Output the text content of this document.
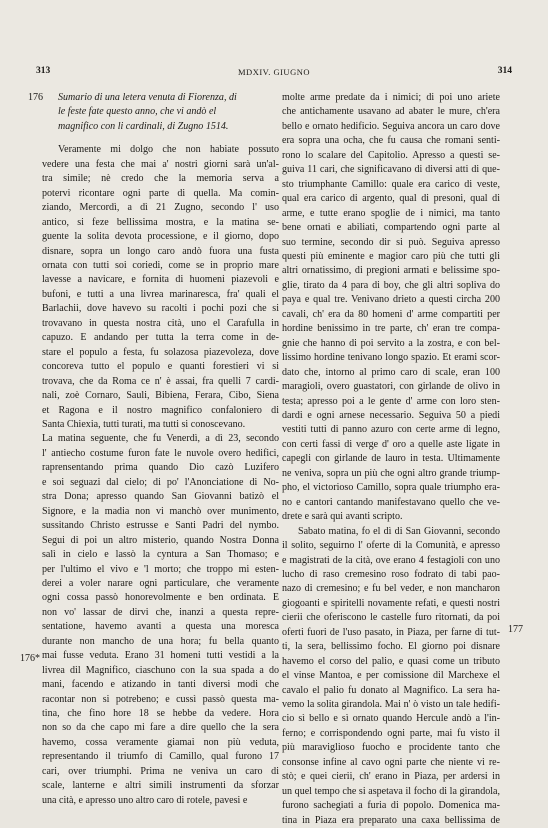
313	MDXIV. GIUGNO	314
176*
177
176 Sumario di una letera venuta di Fiorenza, di
le feste fate questo anno, che vi andò el
magnifico con li cardinali, di Zugno 1514.
Veramente mi dolgo che non habiate possuto
vedere una festa che mai a' nostri giorni sarà un'al-
tra simile; nè credo che la memoria serva a
potervi ricontare ogni parte di quella. Ma comin-
ziando, Mercordì, a dì 21 Zugno, secondo l' uso
antico, si feze bellissima mostra, e la matina se-
guente la solita devota processione, e il giorno, dopo
disnare, sopra un longo caro andò fuora una fusta
ornata con tutti soi coriedi, come se in proprio mare
lavesse a navicare, e fornita di huomeni piazevoli e
bufoni, e tutti a una livrea marinaresca, fra' quali el
Barlachii, dove havevo su racolti i pochi pozi che si
trovavano in questa nostra cità, uno el Carafulla in
capuzo. E andando per tutta la terra come in de-
stare el populo a festa, fu solazosa piazevoleza, dove
concoreva tutto el populo e quanti forestieri vi si
trovava, che da Roma ce n' è assai, fra quelli 7 cardi-
nali, zoè Cornaro, Sauli, Bibiena, Ferara, Cibo, Siena
et Ragona e il nostro magnifico confaloniero di
Santa Chiexia, tutti turati, ma tutti si conoscevano.
La matina seguente, che fu Venerdì, a dì 23, secondo
l' antiecho costume furon fate le nuvole overo hedifici,
raprensentando prima quando Dio cazò Luzifero
e soi seguazi dal cielo; di po' l'Anonciatione di No-
stra Dona; apresso quando San Giovanni batizò el
Signore, e la madia non vi manchò over munimento,
sussitando Christo estrusse e Santi Padri del nymbo.
Segui di poi un altro misterio, quando Nostra Donna
salì in cielo e lassò la cyntura a San Thomaso; e
per l'ultimo el vivo e 'l morto; che troppo mi esten-
derei a voler narare ogni particulare, che veramente
ogni cossa passò honorevolmente e ben ordinata. E
non vo' lassar de dirvi che, inanzi a questa repre-
sentatione, havemo avanti a questa una moresca
durante non mancho de una hora; fu bella quanto
mai fusse veduta. Erano 31 homeni tutti vestidi a la
livrea dil Magnifico, ciaschuno con la sua spada a do
mani, facendo e atizando in tanti diversi modi che
racontar non si potrebeno; e cussì passò questa ma-
tina, che fino hore 18 se hebbe da vedere. Hora
non so da che capo mi fare a dire quello che la sera
havemo, cossa veramente giamai non più veduta,
representando il triumfo di Camillo, qual furono 17
cari, over triumphi. Prima ne veniva un caro di
scale, lanterne e altri simili instrumenti da sforzar
una cità, e apresso uno altro caro di rotele, pavesi e
molte arme predate da i nimici; di poi uno ariete
che antichamente usavano ad abater le mure, ch'era
bello e ornato hedificio. Seguiva ancora un caro dove
era sopra una ocha, che fu causa che romani senti-
rono lo scalare del Capitolio. Apresso a questi se-
guiva 11 cari, che significavano di diversi atti di que-
sto triumphante Camillo: quale era carico di veste,
qual era carico di argento, qual di presoni, qual di
arme, e tutte erano spoglie de i nimici, ma tanto
bene ornati e abiliati, compartendo ogni parte al
suo termine, secondo dir si può. Seguiva apresso
questi più eminente e magior caro più che tutti gli
altri ornatissimo, di pregioni armati e belissime spo-
glie, tirato da 4 para di boy, che gli altri sopliva do
paya e qual tre. Venivano drieto a questi circha 200
cavali, ch' era da 80 homeni d' arme compartiti per
hordine benissimo in tre parte, ch' eran tre compa-
gnie che hanno di poi servito a la zostra, e con bel-
lissimo hordine tenivano longo spazio. Et erami scor-
dato che, intorno al primo caro di scale, eran 100
maragioli, overo guastatori, con girlande de olivo in
testa; apresso poi a le gente d' arme con loro sten-
dardi e ogni arnese necessario. Seguiva 50 a piedi
vestiti tutti di panno azuro con certe arme di legno,
con certi fassi di verge d' oro a quelle aste ligate in
capegli con girlande de lauro in testa. Ultimamente
ne veniva, sopra un più che ogni altro grande triump-
pho, el victorioso Camillo, sopra quale triumpho era-
no e cantori cantando manifestavano quello che ve-
drete e sarà qui avanti scripto.
Sabato matina, fo el dì di San Giovanni, secondo
il solito, seguirno l' oferte di la Comunità, e apresso
e magistrati de la cità, ove erano 4 festagioli con uno
lucho di raso cremesino roso fodrato di tabi pao-
nazo di cremesino; e fu bel veder, e non mancharon
giogoanti e spiritelli novamente refati, e questi nostri
cierii che oferiscono le castelle furo ritornati, da poi
oferti fuori de l'uso pasato, in Piaza, per farne di tut-
ti, la sera, bellissimo focho. El giorno poi disnare
havemo el corso del palio, e quasi come un tributo
el vinse Mantoa, e per comissione dil Marchexe el
cavalo el palio fu donato al Magnifico. La sera ha-
vemo la solita girandola. Mai n' ò visto un tale hedifi-
cio sì bello e sì ornato quando Hercule andò a l'in-
ferno; e corrispondendo ogni parte, mai fu visto il
più maravigliosо fuocho e procidente tanto che
consonse infine al cavo ogni parte che niente vi re-
stò; e quei cierii, ch' erano in Piaza, per ardersi in
un quel tempo che si aspetava il focho di la girandola,
furono sachegiati a furia di popolo. Domenica ma-
tina in Piaza era preparato una caxa bellissima de
